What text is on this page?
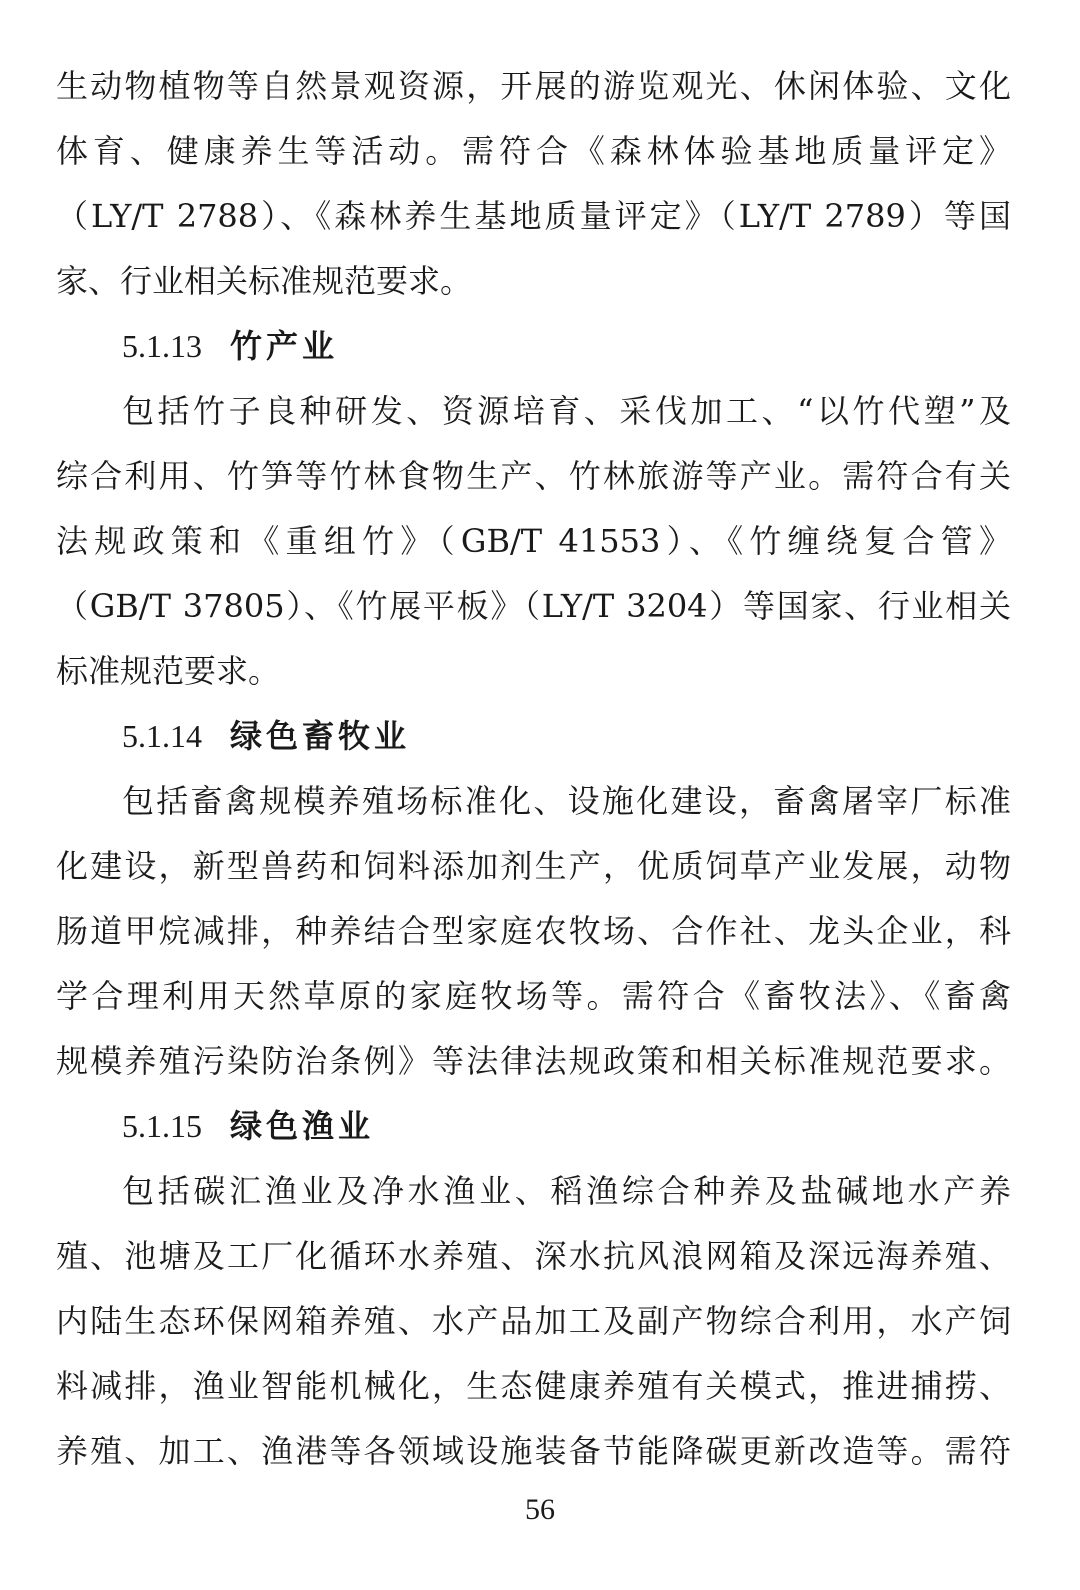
生动物植物等自然景观资源，开展的游览观光、休闲体验、文化
体育、健康养生等活动。需符合《森林体验基地质量评定》
（LY/T 2788）、《森林养生基地质量评定》（LY/T 2789）等国
家、行业相关标准规范要求。
5.1.13 竹产业
包括竹子良种研发、资源培育、采伐加工、“以竹代塑”及
综合利用、竹笋等竹林食物生产、竹林旅游等产业。需符合有关
法规政策和《重组竹》（GB/T 41553）、《竹缠绕复合管》
（GB/T 37805）、《竹展平板》（LY/T 3204）等国家、行业相关
标准规范要求。
5.1.14 绿色畜牧业
包括畜禽规模养殖场标准化、设施化建设，畜禽屠宰厂标准
化建设，新型兽药和饲料添加剂生产，优质饲草产业发展，动物
肠道甲烷减排，种养结合型家庭农牧场、合作社、龙头企业，科
学合理利用天然草原的家庭牧场等。需符合《畜牧法》、《畜禽
规模养殖污染防治条例》等法律法规政策和相关标准规范要求。
5.1.15 绿色渔业
包括碳汇渔业及净水渔业、稻渔综合种养及盐碱地水产养
殖、池塘及工厂化循环水养殖、深水抗风浪网箱及深远海养殖、
内陆生态环保网箱养殖、水产品加工及副产物综合利用，水产饲
料减排，渔业智能机械化，生态健康养殖有关模式，推进捕捞、
养殖、加工、渔港等各领域设施装备节能降碳更新改造等。需符
56
